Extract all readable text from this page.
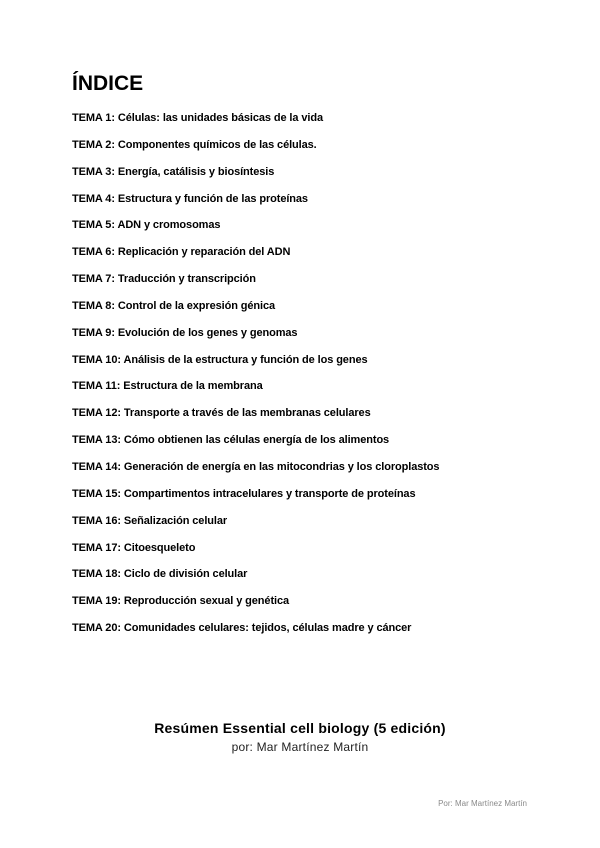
ÍNDICE
TEMA 1: Células: las unidades básicas de la vida
TEMA 2: Componentes químicos de las células.
TEMA 3: Energía, catálisis y biosíntesis
TEMA 4: Estructura y función de las proteínas
TEMA 5: ADN y cromosomas
TEMA 6: Replicación y reparación del ADN
TEMA 7: Traducción y transcripción
TEMA 8: Control de la expresión génica
TEMA 9: Evolución de los genes y genomas
TEMA 10: Análisis de la estructura y función de los genes
TEMA 11: Estructura de la membrana
TEMA 12: Transporte a través de las membranas celulares
TEMA 13: Cómo obtienen las células energía de los alimentos
TEMA 14: Generación de energía en las mitocondrias y los cloroplastos
TEMA 15: Compartimentos intracelulares y transporte de proteínas
TEMA 16: Señalización celular
TEMA 17: Citoesqueleto
TEMA 18: Ciclo de división celular
TEMA 19: Reproducción sexual y genética
TEMA 20: Comunidades celulares: tejidos, células madre y cáncer
Resúmen Essential cell biology (5 edición)
por: Mar Martínez Martín
Por: Mar Martínez Martín
